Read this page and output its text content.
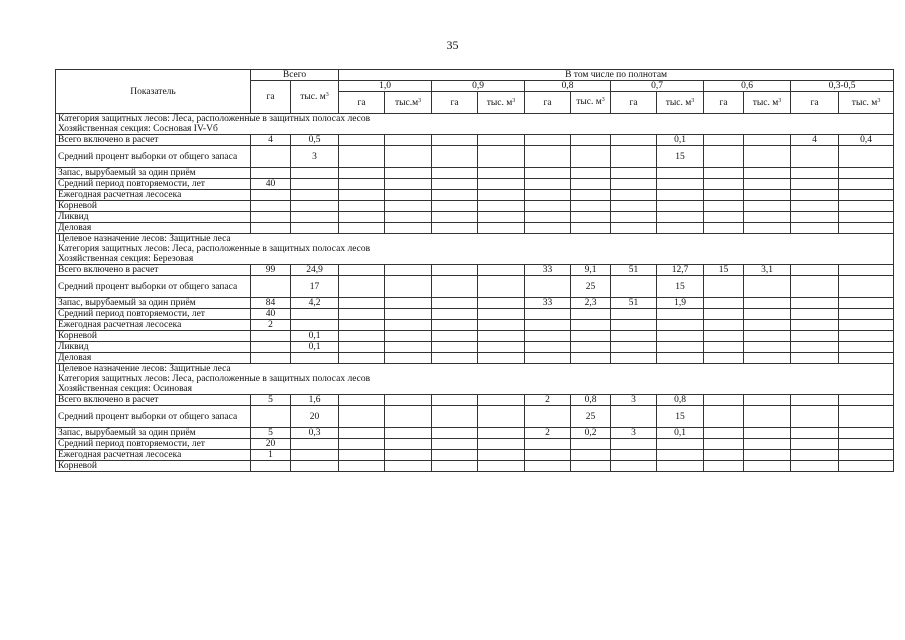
35
Показатель	Всего		В том числе по полнотам											
	га	тыс. $м^3$	1,0		0,9		0,8		0,7		0,6		0,3-0,5	
			га	$тыс.м^3$	га	тыс. $м^3$	га	тыс. $м^3$	га	тыс. $м^3$	га	тыс. $м^3$	га	тыс. $м^3$

Категория защитных лесов: Леса, расположенные в защитных полосах лесов
Хозяйственная секция: Сосновая IV-Vб														

Всего включено в расчет	4	0,5								0,1			4	0,4
Средний процент выборки от общего запаса		3								15				
Запас, вырубаемый за один приём														
Средний период повторяемости, лет	40													
Ежегодная расчетная лесосека														
Корневой														
Ликвид														
Деловая														

Целевое назначение лесов: Защитные леса
Категория защитных лесов: Леса, расположенные в защитных полосах лесов
Хозяйственная секция: Березовая														

Всего включено в расчет	99	24,9					33	9,1	51	12,7	15	3,1		
Средний процент выборки от общего запаса		17						25		15				
Запас, вырубаемый за один приём	84	4,2					33	2,3	51	1,9				
Средний период повторяемости, лет	40													
Ежегодная расчетная лесосека	2													
Корневой		0,1												
Ликвид		0,1												
Деловая														

Целевое назначение лесов: Защитные леса
Категория защитных лесов: Леса, расположенные в защитных полосах лесов
Хозяйственная секция: Осиновая														

Всего включено в расчет	5	1,6					2	0,8	3	0,8				
Средний процент выборки от общего запаса		20						25		15				
Запас, вырубаемый за один приём	5	0,3					2	0,2	3	0,1				
Средний период повторяемости, лет	20													
Ежегодная расчетная лесосека	1													
Корневой														
